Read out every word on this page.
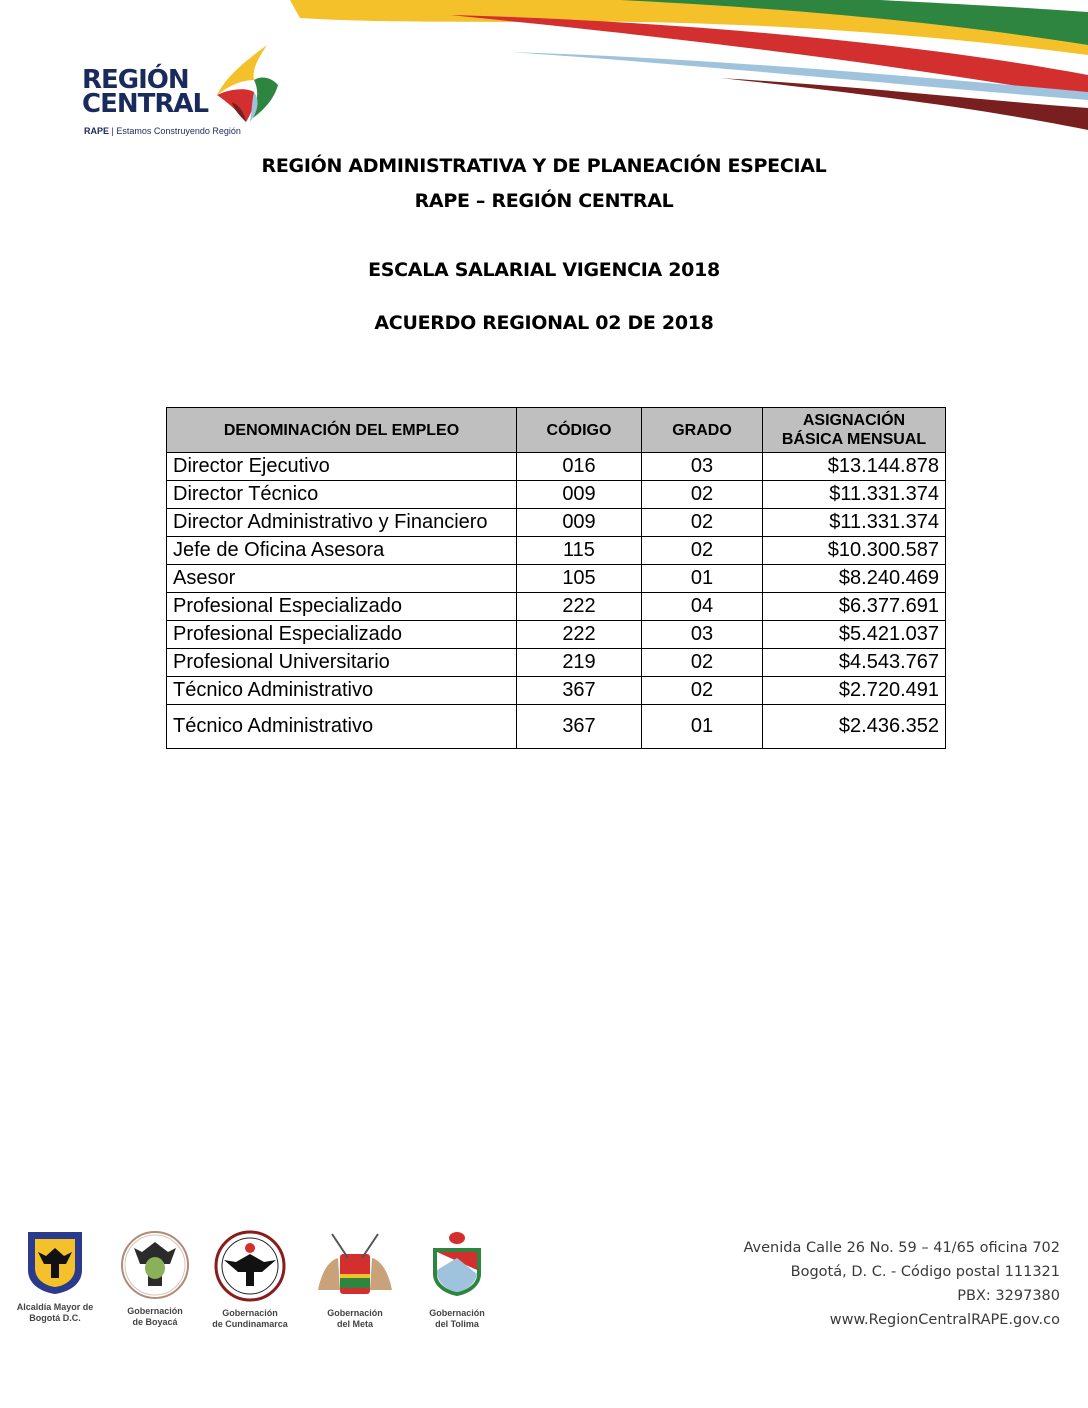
REGIÓN
CENTRAL
RAPE | Estamos Construyendo Región
REGIÓN ADMINISTRATIVA Y DE PLANEACIÓN ESPECIAL
RAPE – REGIÓN CENTRAL
ESCALA SALARIAL VIGENCIA 2018
ACUERDO REGIONAL 02 DE 2018
DENOMINACIÓN DEL EMPLEO	CÓDIGO	GRADO	ASIGNACIÓN
BÁSICA MENSUAL

Director Ejecutivo	016	03	$13.144.878
Director Técnico	009	02	$11.331.374
Director Administrativo y Financiero	009	02	$11.331.374
Jefe de Oficina Asesora	115	02	$10.300.587
Asesor	105	01	$8.240.469
Profesional Especializado	222	04	$6.377.691
Profesional Especializado	222	03	$5.421.037
Profesional Universitario	219	02	$4.543.767
Técnico Administrativo	367	02	$2.720.491
Técnico Administrativo	367	01	$2.436.352
Alcaldía Mayor de
Bogotá D.C.
Gobernación
de Boyacá
Gobernación
de Cundinamarca
Gobernación
del Meta
Gobernación
del Tolima
Avenida Calle 26 No. 59 – 41/65 oficina 702
Bogotá, D. C. - Código postal 111321
PBX: 3297380
www.RegionCentralRAPE.gov.co
